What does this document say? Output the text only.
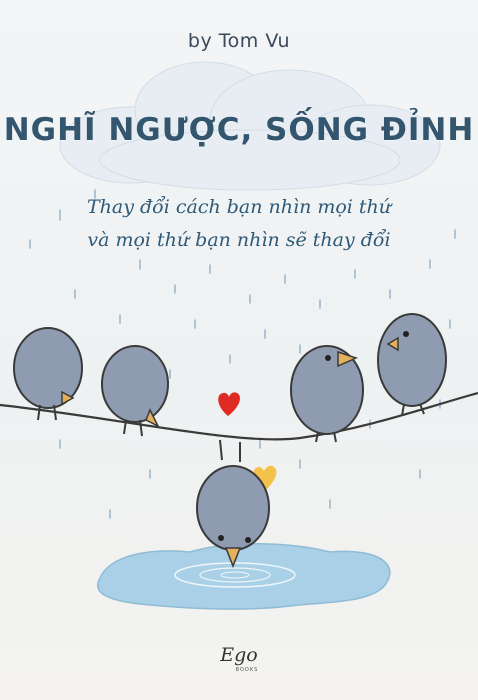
by Tom Vu
NGHĨ NGƯỢC, SỐNG ĐỈNH
Thay đổi cách bạn nhìn mọi thứ
và mọi thứ bạn nhìn sẽ thay đổi
Ego
BOOKS
